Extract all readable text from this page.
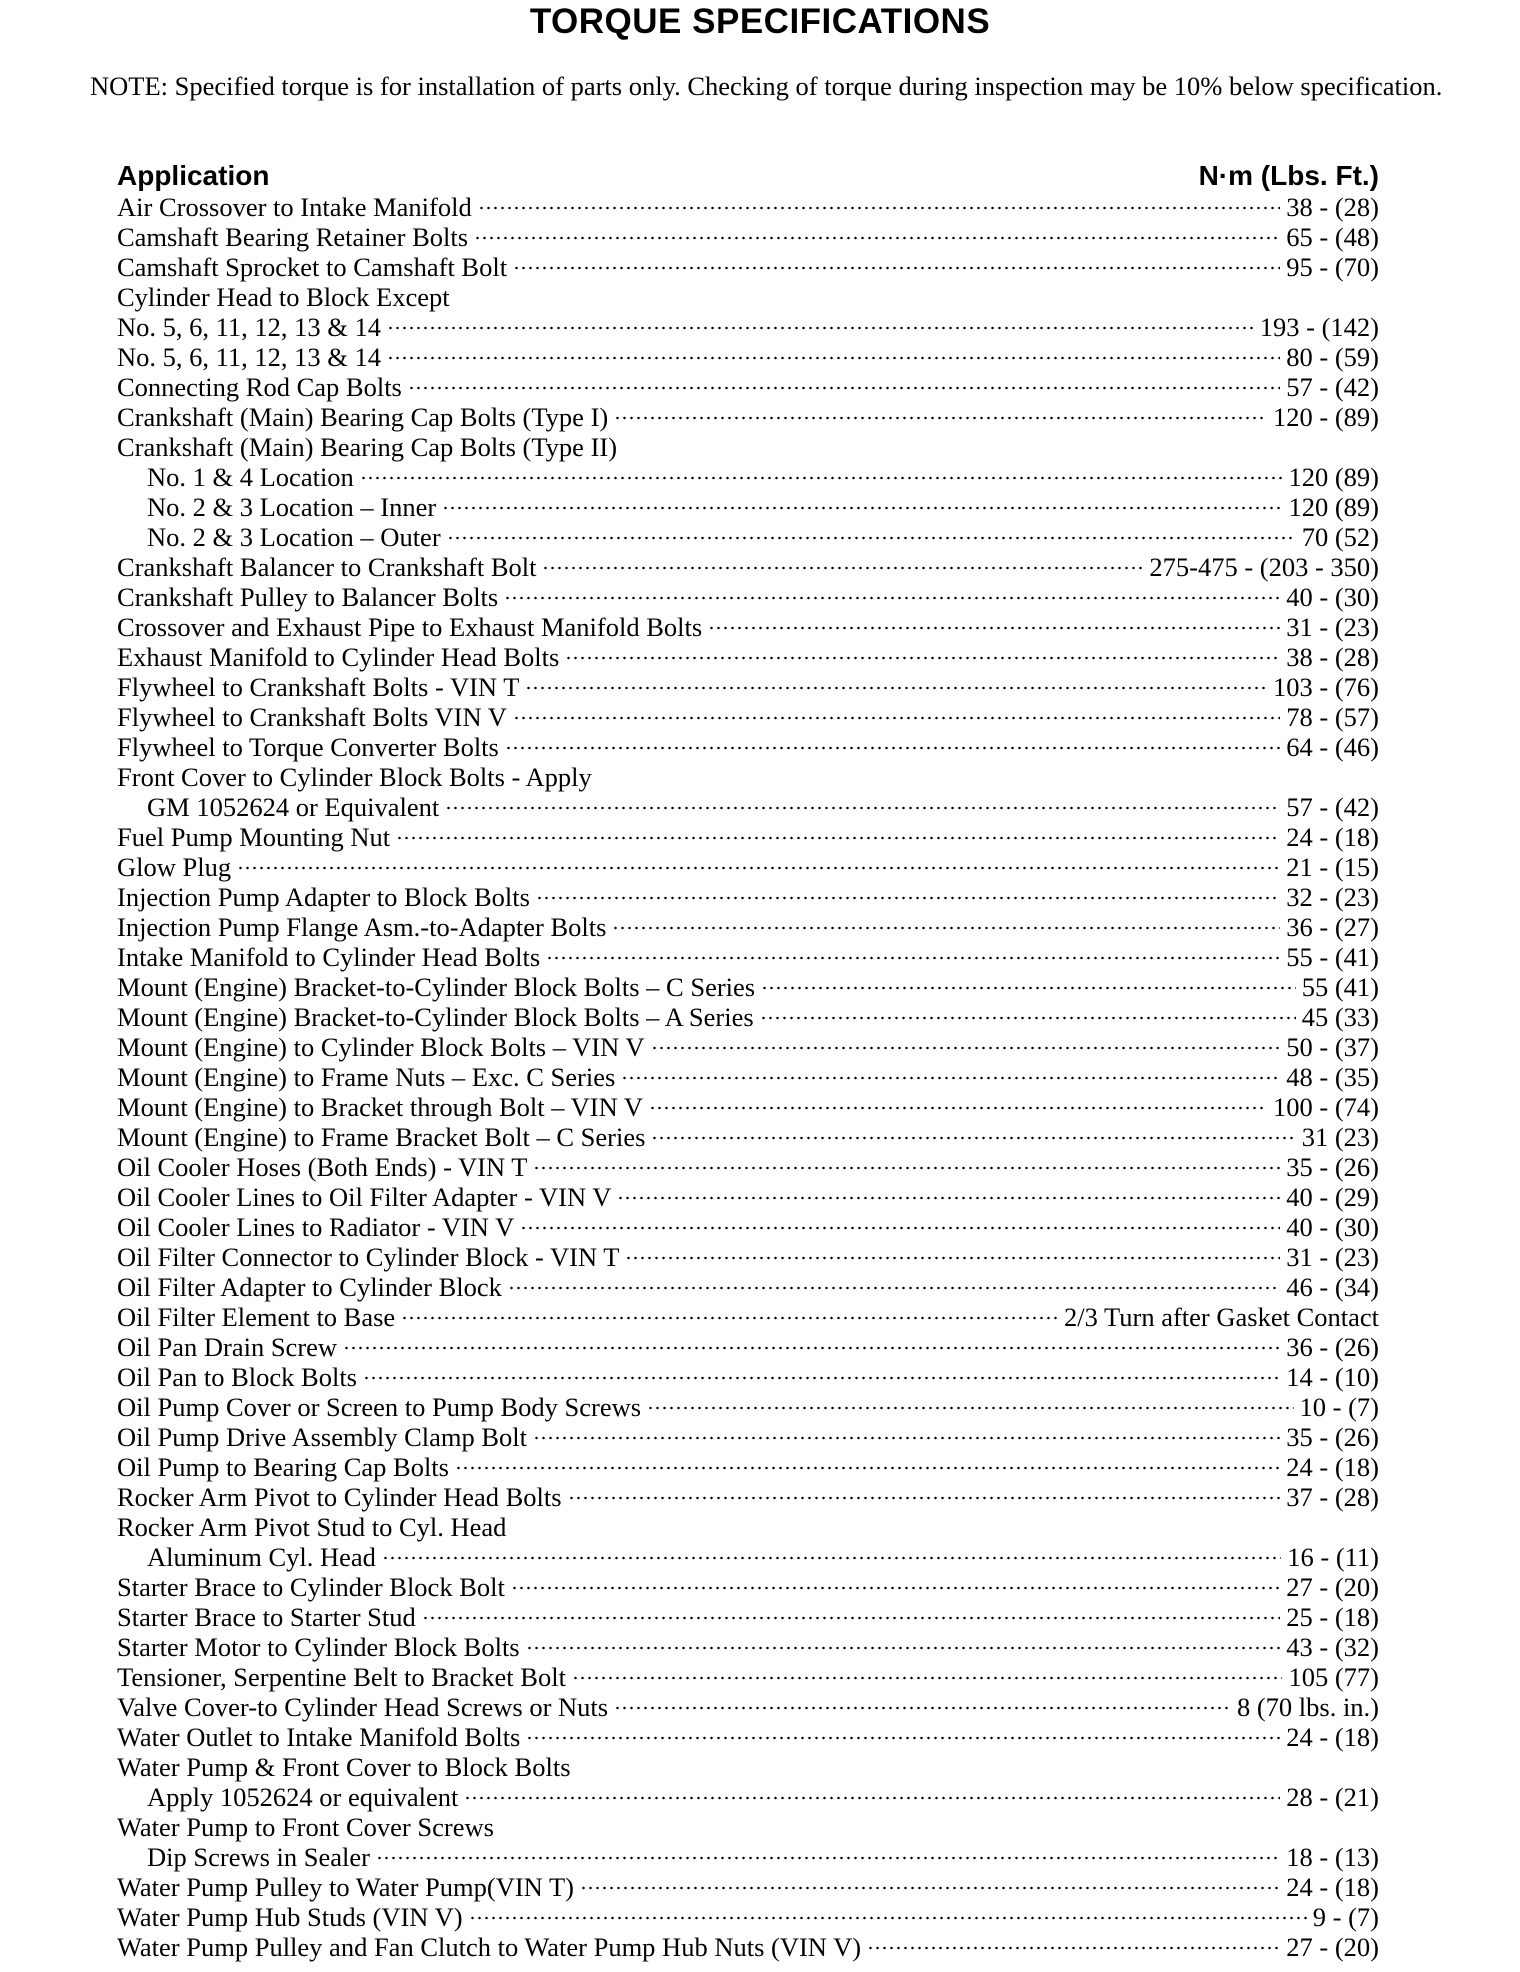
TORQUE SPECIFICATIONS
NOTE: Specified torque is for installation of parts only. Checking of torque during inspection may be 10% below specification.
Application	N·m (Lbs. Ft.)
Air Crossover to Intake Manifold	38 - (28)
Camshaft Bearing Retainer Bolts	65 - (48)
Camshaft Sprocket to Camshaft Bolt	95 - (70)
Cylinder Head to Block Except
No. 5, 6, 11, 12, 13 & 14	193 - (142)
No. 5, 6, 11, 12, 13 & 14	80 - (59)
Connecting Rod Cap Bolts	57 - (42)
Crankshaft (Main) Bearing Cap Bolts (Type I)	120 - (89)
Crankshaft (Main) Bearing Cap Bolts (Type II)
No. 1 & 4 Location	120 (89)
No. 2 & 3 Location – Inner	120 (89)
No. 2 & 3 Location – Outer	70 (52)
Crankshaft Balancer to Crankshaft Bolt	275-475 - (203 - 350)
Crankshaft Pulley to Balancer Bolts	40 - (30)
Crossover and Exhaust Pipe to Exhaust Manifold Bolts	31 - (23)
Exhaust Manifold to Cylinder Head Bolts	38 - (28)
Flywheel to Crankshaft Bolts - VIN T	103 - (76)
Flywheel to Crankshaft Bolts VIN V	78 - (57)
Flywheel to Torque Converter Bolts	64 - (46)
Front Cover to Cylinder Block Bolts - Apply
GM 1052624 or Equivalent	57 - (42)
Fuel Pump Mounting Nut	24 - (18)
Glow Plug	21 - (15)
Injection Pump Adapter to Block Bolts	32 - (23)
Injection Pump Flange Asm.-to-Adapter Bolts	36 - (27)
Intake Manifold to Cylinder Head Bolts	55 - (41)
Mount (Engine) Bracket-to-Cylinder Block Bolts – C Series	55 (41)
Mount (Engine) Bracket-to-Cylinder Block Bolts – A Series	45 (33)
Mount (Engine) to Cylinder Block Bolts – VIN V	50 - (37)
Mount (Engine) to Frame Nuts – Exc. C Series	48 - (35)
Mount (Engine) to Bracket through Bolt – VIN V	100 - (74)
Mount (Engine) to Frame Bracket Bolt – C Series	31 (23)
Oil Cooler Hoses (Both Ends) - VIN T	35 - (26)
Oil Cooler Lines to Oil Filter Adapter - VIN V	40 - (29)
Oil Cooler Lines to Radiator - VIN V	40 - (30)
Oil Filter Connector to Cylinder Block - VIN T	31 - (23)
Oil Filter Adapter to Cylinder Block	46 - (34)
Oil Filter Element to Base	2/3 Turn after Gasket Contact
Oil Pan Drain Screw	36 - (26)
Oil Pan to Block Bolts	14 - (10)
Oil Pump Cover or Screen to Pump Body Screws	10 - (7)
Oil Pump Drive Assembly Clamp Bolt	35 - (26)
Oil Pump to Bearing Cap Bolts	24 - (18)
Rocker Arm Pivot to Cylinder Head Bolts	37 - (28)
Rocker Arm Pivot Stud to Cyl. Head
Aluminum Cyl. Head	16 - (11)
Starter Brace to Cylinder Block Bolt	27 - (20)
Starter Brace to Starter Stud	25 - (18)
Starter Motor to Cylinder Block Bolts	43 - (32)
Tensioner, Serpentine Belt to Bracket Bolt	105 (77)
Valve Cover-to Cylinder Head Screws or Nuts	8 (70 lbs. in.)
Water Outlet to Intake Manifold Bolts	24 - (18)
Water Pump & Front Cover to Block Bolts
Apply 1052624 or equivalent	28 - (21)
Water Pump to Front Cover Screws
Dip Screws in Sealer	18 - (13)
Water Pump Pulley to Water Pump(VIN T)	24 - (18)
Water Pump Hub Studs (VIN V)	9 - (7)
Water Pump Pulley and Fan Clutch to Water Pump Hub Nuts (VIN V)	27 - (20)
